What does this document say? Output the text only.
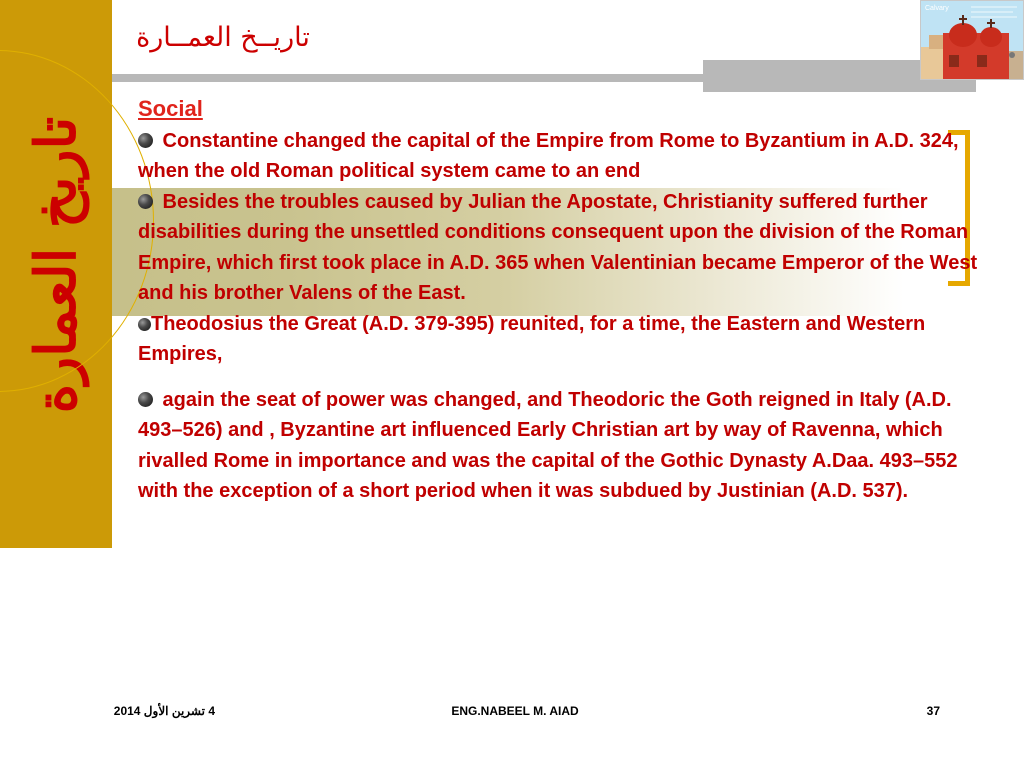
تاريخ العمارة
تاريــخ العمــارة
Calvary
Social
Constantine changed the capital of the Empire from Rome to Byzantium in A.D. 324, when the old Roman political system came to an end
Besides the troubles caused by Julian the Apostate, Christianity suffered further disabilities during the unsettled conditions consequent upon the division of the Roman Empire, which first took place in A.D. 365 when Valentinian became Emperor of the West and his brother Valens of the East.
Theodosius the Great (A.D. 379-395) reunited, for a time, the Eastern and Western Empires,
again the seat of power was changed, and Theodoric the Goth reigned in Italy (A.D. 493–526) and , Byzantine art influenced Early Christian art by way of Ravenna, which rivalled Rome in importance and was the capital of the Gothic Dynasty A.Daa. 493–552 with the exception of a short period when it was subdued by Justinian (A.D. 537).
4 تشرين الأول 2014	ENG.NABEEL M. AIAD	37
